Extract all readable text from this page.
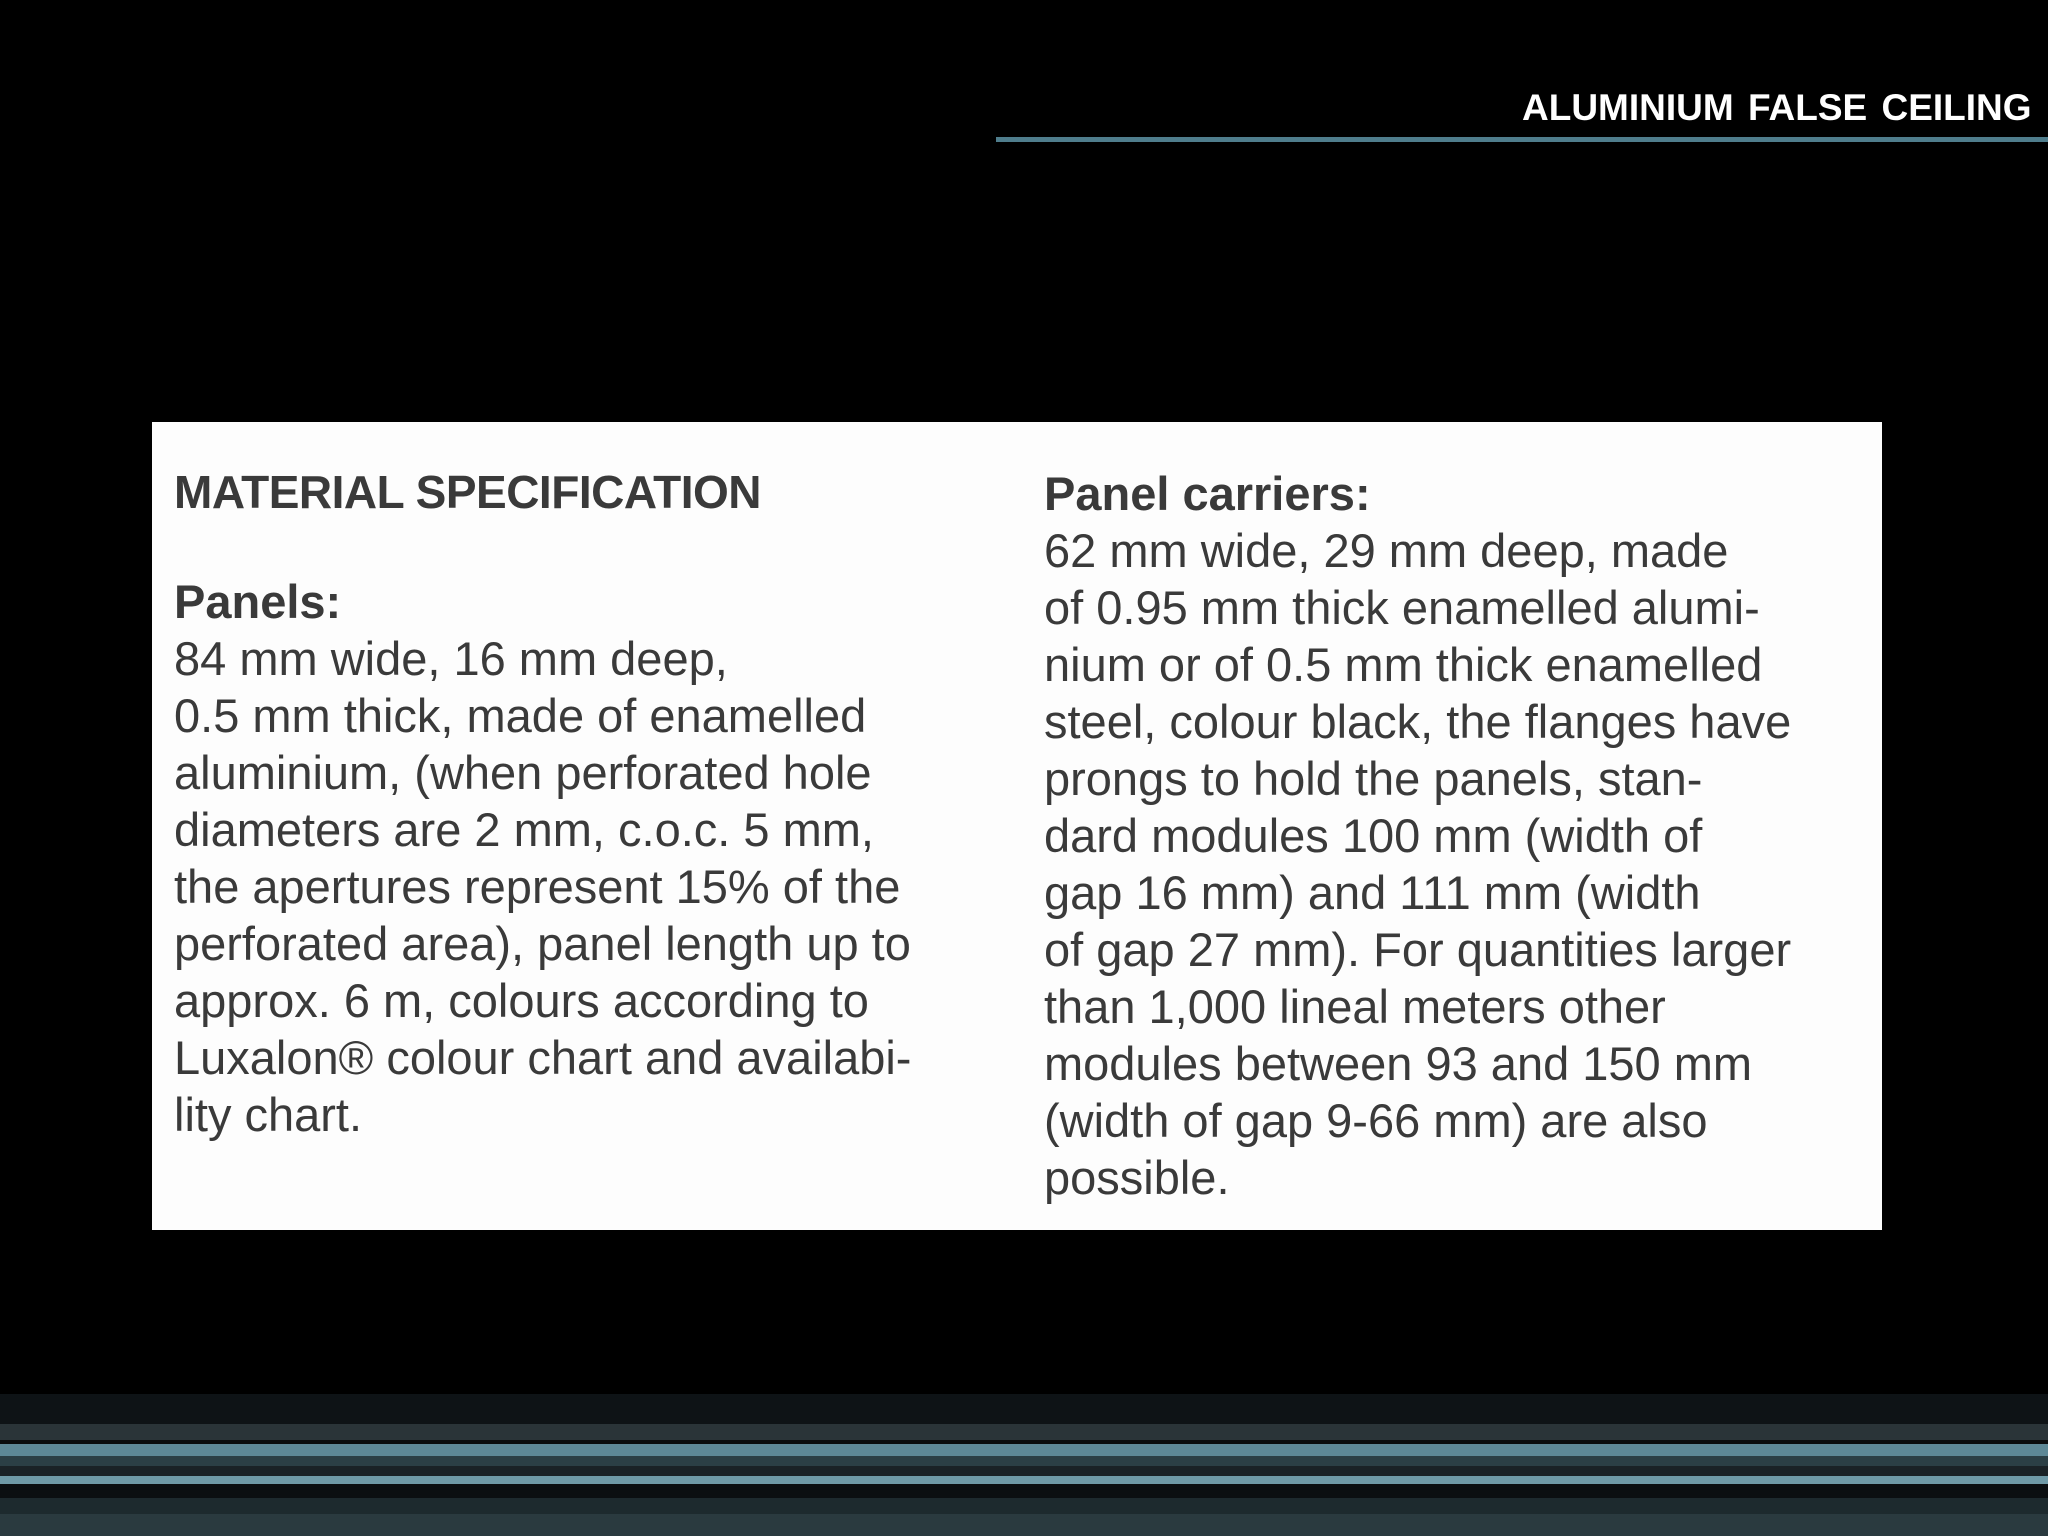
ALUMINIUM FALSE CEILING
MATERIAL SPECIFICATION
Panels:
84 mm wide, 16 mm deep,
0.5 mm thick, made of enamelled
aluminium, (when perforated hole
diameters are 2 mm, c.o.c. 5 mm,
the apertures represent 15% of the
perforated area), panel length up to
approx. 6 m, colours according to
Luxalon® colour chart and availabi-
lity chart.
Panel carriers:
62 mm wide, 29 mm deep, made
of 0.95 mm thick enamelled alumi-
nium or of 0.5 mm thick enamelled
steel, colour black, the flanges have
prongs to hold the panels, stan-
dard modules 100 mm (width of
gap 16 mm) and 111 mm (width
of gap 27 mm). For quantities larger
than 1,000 lineal meters other
modules between 93 and 150 mm
(width of gap 9-66 mm) are also
possible.
